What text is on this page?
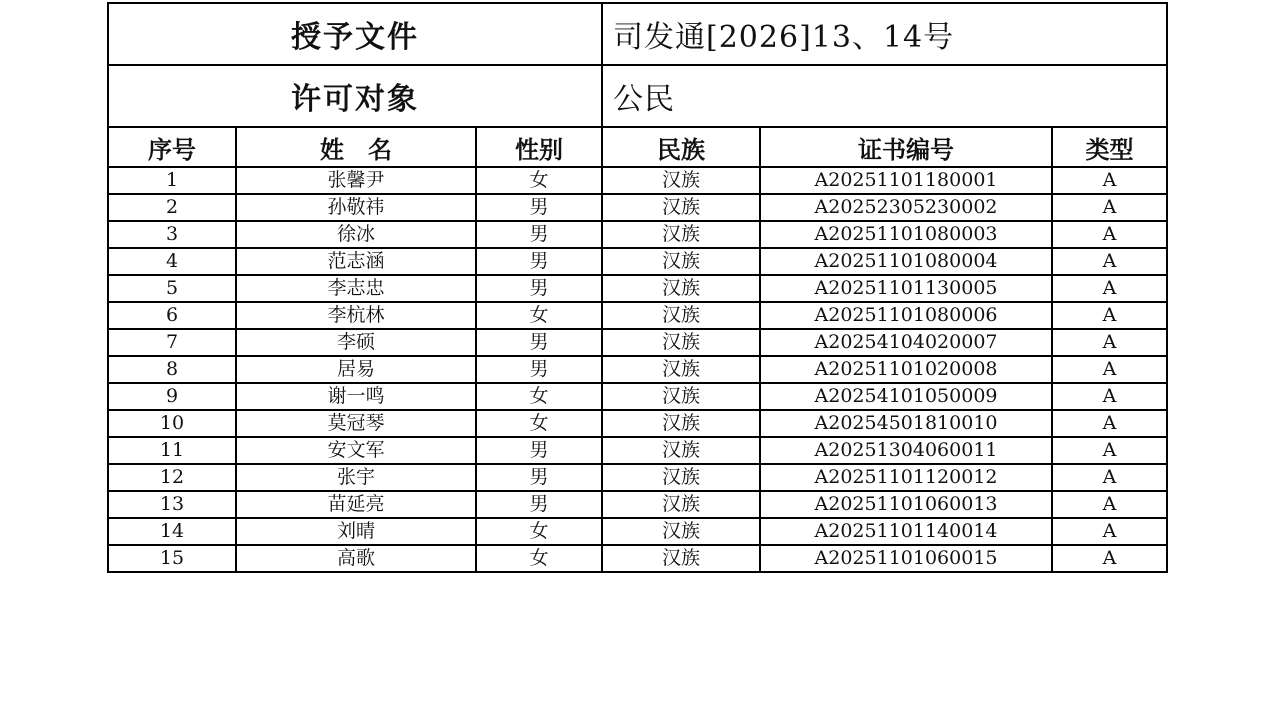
授予文件			司发通[2026]13、14号		
许可对象			公民		
序号	姓　名	性别	民族	证书编号	类型
1	张馨尹	女	汉族	A20251101180001	A
2	孙敬祎	男	汉族	A20252305230002	A
3	徐冰	男	汉族	A20251101080003	A
4	范志涵	男	汉族	A20251101080004	A
5	李志忠	男	汉族	A20251101130005	A
6	李杭林	女	汉族	A20251101080006	A
7	李硕	男	汉族	A20254104020007	A
8	居易	男	汉族	A20251101020008	A
9	谢一鸣	女	汉族	A20254101050009	A
10	莫冠琴	女	汉族	A20254501810010	A
11	安文军	男	汉族	A20251304060011	A
12	张宇	男	汉族	A20251101120012	A
13	苗延亮	男	汉族	A20251101060013	A
14	刘晴	女	汉族	A20251101140014	A
15	高歌	女	汉族	A20251101060015	A
